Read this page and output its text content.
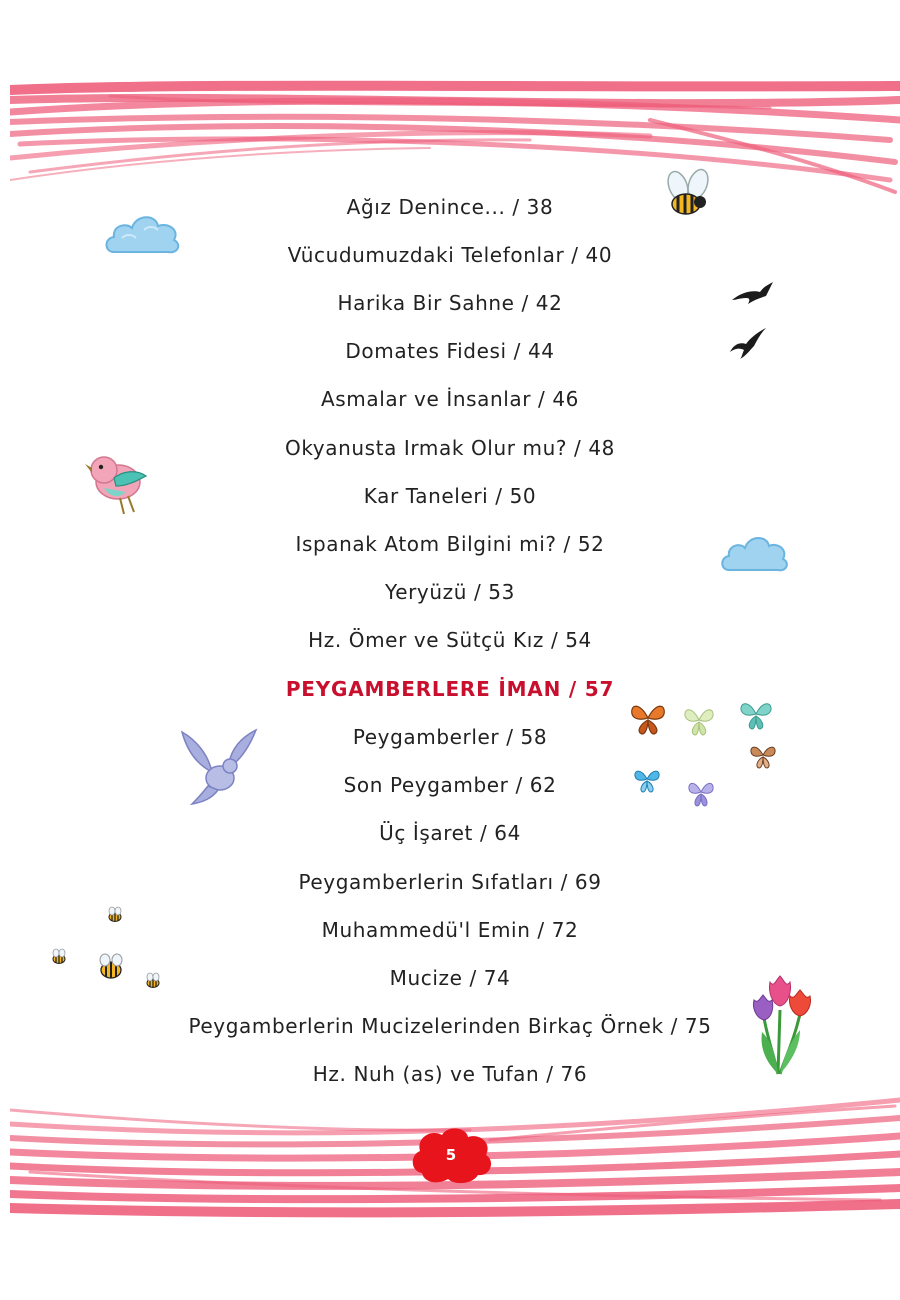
Ağız Denince... / 38
Vücudumuzdaki Telefonlar / 40
Harika Bir Sahne / 42
Domates Fidesi / 44
Asmalar ve İnsanlar / 46
Okyanusta Irmak Olur mu? / 48
Kar Taneleri / 50
Ispanak Atom Bilgini mi? / 52
Yeryüzü / 53
Hz. Ömer ve Sütçü Kız / 54
PEYGAMBERLERE İMAN / 57
Peygamberler / 58
Son Peygamber / 62
Üç İşaret / 64
Peygamberlerin Sıfatları / 69
Muhammedü'l Emin / 72
Mucize / 74
Peygamberlerin Mucizelerinden Birkaç Örnek / 75
Hz. Nuh (as) ve Tufan / 76
5
